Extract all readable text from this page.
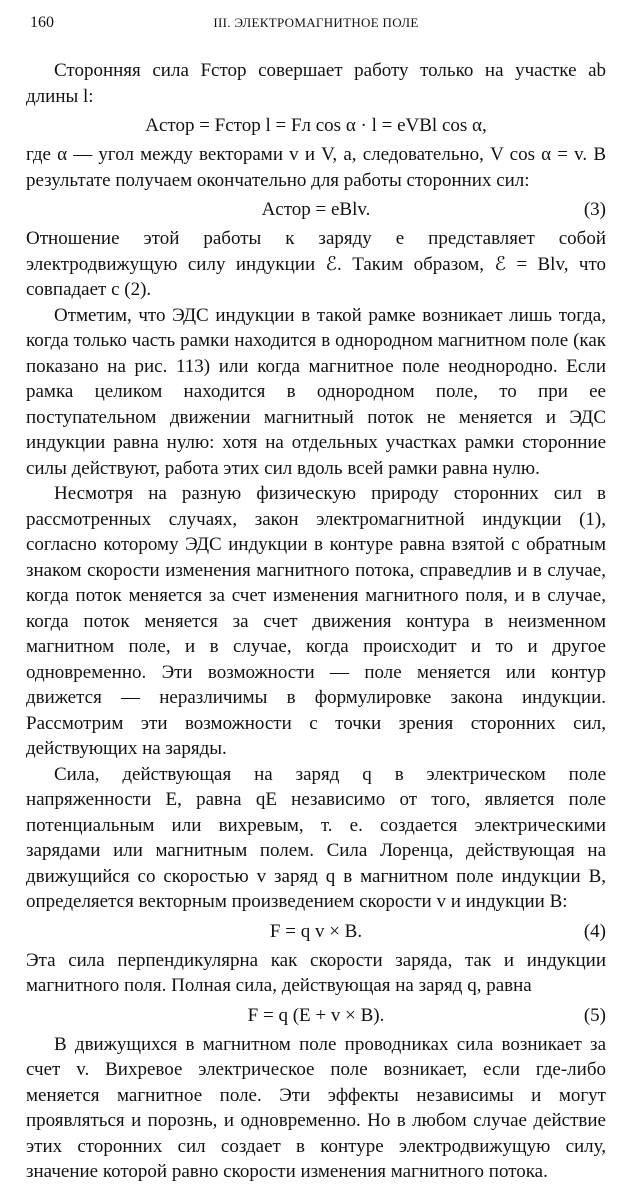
160	III. ЭЛЕКТРОМАГНИТНОЕ ПОЛЕ

Сторонняя сила Fстор совершает работу только на участке ab длины l:

Aстор = Fстор l = Fл cos α · l = eVBl cos α,

где α — угол между векторами v и V, а, следовательно, V cos α = v. В результате получаем окончательно для работы сторонних сил:

Aстор = eBlv.	(3)

Отношение этой работы к заряду e представляет собой электродвижущую силу индукции ℰ. Таким образом, ℰ = Blv, что совпадает с (2).

Отметим, что ЭДС индукции в такой рамке возникает лишь тогда, когда только часть рамки находится в однородном магнитном поле (как показано на рис. 113) или когда магнитное поле неоднородно. Если рамка целиком находится в однородном поле, то при ее поступательном движении магнитный поток не меняется и ЭДС индукции равна нулю: хотя на отдельных участках рамки сторонние силы действуют, работа этих сил вдоль всей рамки равна нулю.

Несмотря на разную физическую природу сторонних сил в рассмотренных случаях, закон электромагнитной индукции (1), согласно которому ЭДС индукции в контуре равна взятой с обратным знаком скорости изменения магнитного потока, справедлив и в случае, когда поток меняется за счет изменения магнитного поля, и в случае, когда поток меняется за счет движения контура в неизменном магнитном поле, и в случае, когда происходит и то и другое одновременно. Эти возможности — поле меняется или контур движется — неразличимы в формулировке закона индукции. Рассмотрим эти возможности с точки зрения сторонних сил, действующих на заряды.

Сила, действующая на заряд q в электрическом поле напряженности E, равна qE независимо от того, является поле потенциальным или вихревым, т. е. создается электрическими зарядами или магнитным полем. Сила Лоренца, действующая на движущийся со скоростью v заряд q в магнитном поле индукции B, определяется векторным произведением скорости v и индукции B:

F = q v × B.	(4)

Эта сила перпендикулярна как скорости заряда, так и индукции магнитного поля. Полная сила, действующая на заряд q, равна

F = q (E + v × B).	(5)

В движущихся в магнитном поле проводниках сила возникает за счет v. Вихревое электрическое поле возникает, если где-либо меняется магнитное поле. Эти эффекты независимы и могут проявляться и порознь, и одновременно. Но в любом случае действие этих сторонних сил создает в контуре электродвижущую силу, значение которой равно скорости изменения магнитного потока.
